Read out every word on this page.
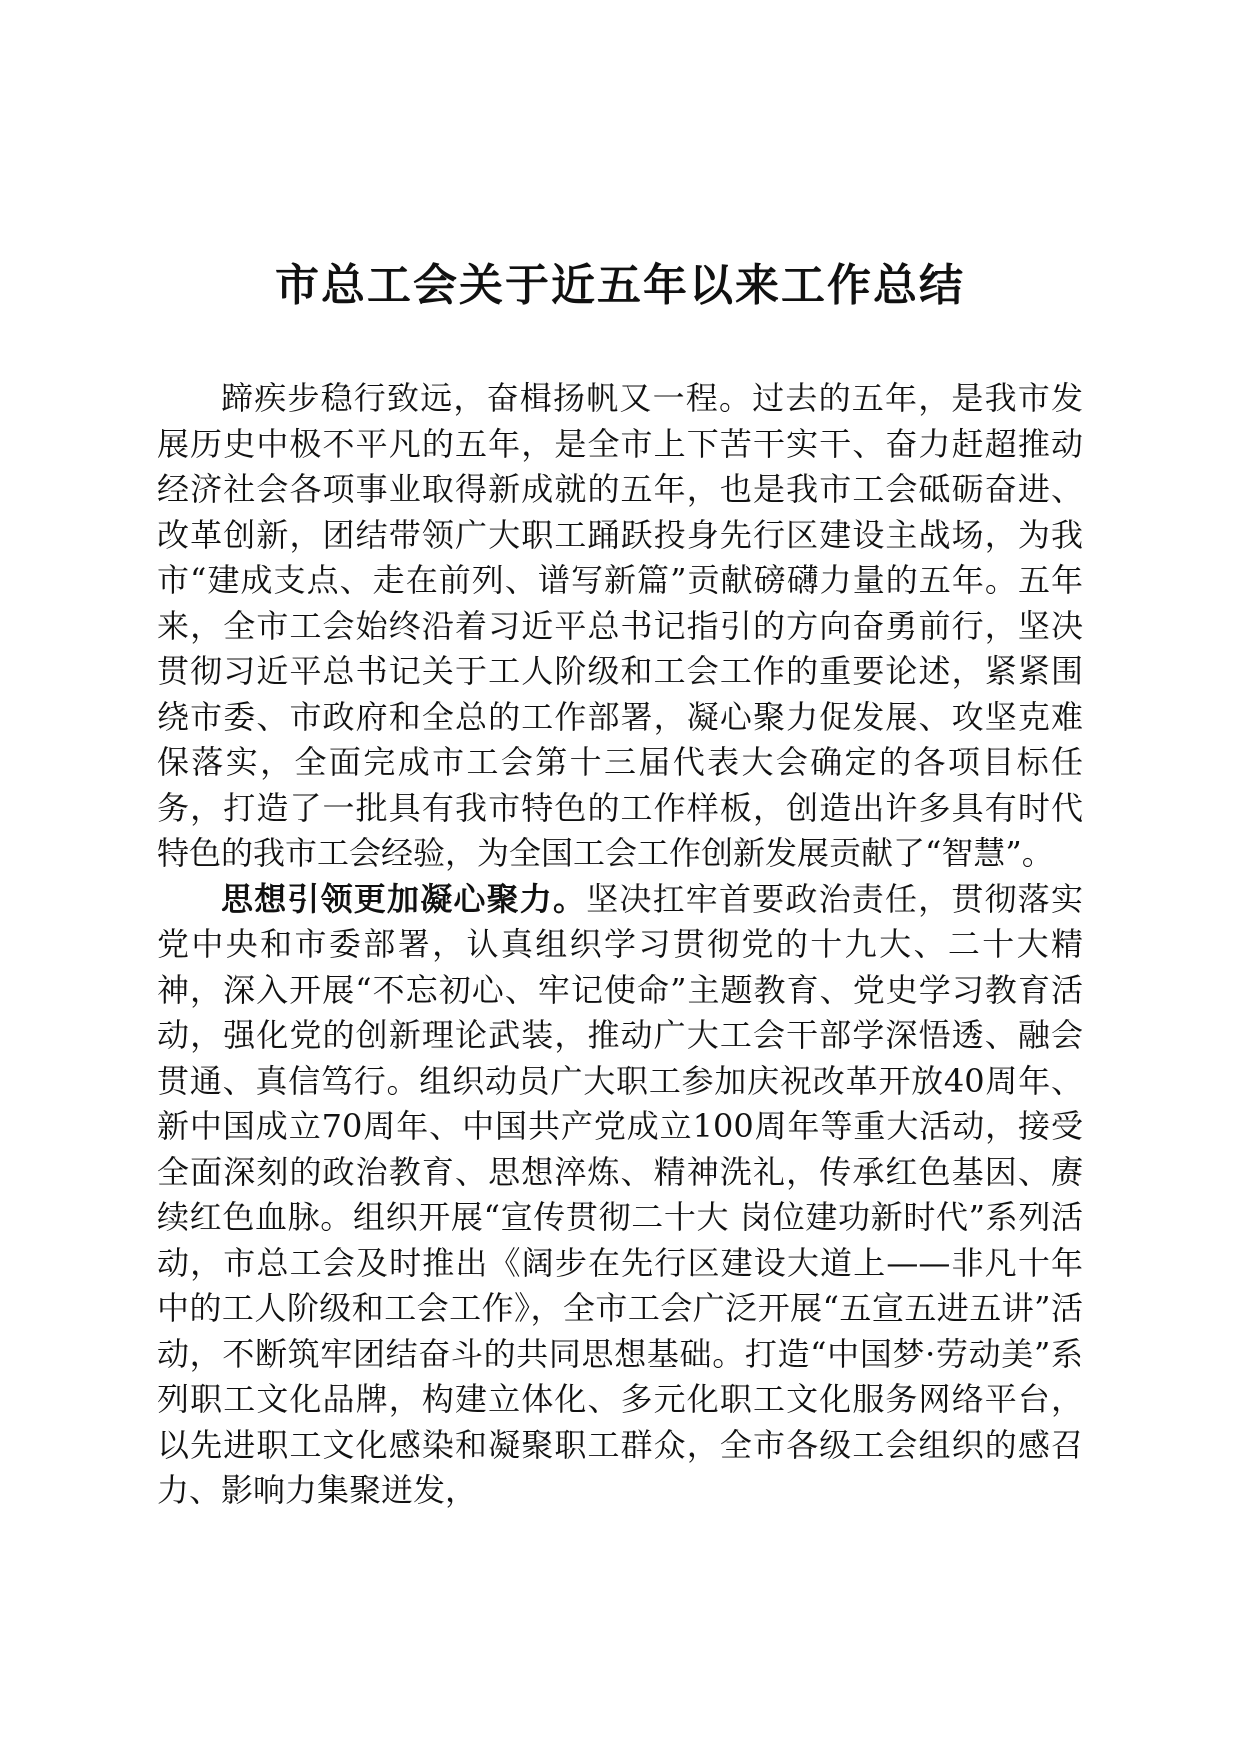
市总工会关于近五年以来工作总结

蹄疾步稳行致远，奋楫扬帆又一程。过去的五年，是我市发展历史中极不平凡的五年，是全市上下苦干实干、奋力赶超推动经济社会各项事业取得新成就的五年，也是我市工会砥砺奋进、改革创新，团结带领广大职工踊跃投身先行区建设主战场，为我市“建成支点、走在前列、谱写新篇”贡献磅礴力量的五年。五年来，全市工会始终沿着习近平总书记指引的方向奋勇前行，坚决贯彻习近平总书记关于工人阶级和工会工作的重要论述，紧紧围绕市委、市政府和全总的工作部署，凝心聚力促发展、攻坚克难保落实，全面完成市工会第十三届代表大会确定的各项目标任务，打造了一批具有我市特色的工作样板，创造出许多具有时代特色的我市工会经验，为全国工会工作创新发展贡献了“智慧”。

思想引领更加凝心聚力。坚决扛牢首要政治责任，贯彻落实党中央和市委部署，认真组织学习贯彻党的十九大、二十大精神，深入开展“不忘初心、牢记使命”主题教育、党史学习教育活动，强化党的创新理论武装，推动广大工会干部学深悟透、融会贯通、真信笃行。组织动员广大职工参加庆祝改革开放40周年、新中国成立70周年、中国共产党成立100周年等重大活动，接受全面深刻的政治教育、思想淬炼、精神洗礼，传承红色基因、赓续红色血脉。组织开展“宣传贯彻二十大 岗位建功新时代”系列活动，市总工会及时推出《阔步在先行区建设大道上——非凡十年中的工人阶级和工会工作》，全市工会广泛开展“五宣五进五讲”活动，不断筑牢团结奋斗的共同思想基础。打造“中国梦·劳动美”系列职工文化品牌，构建立体化、多元化职工文化服务网络平台，以先进职工文化感染和凝聚职工群众，全市各级工会组织的感召力、影响力集聚迸发，
